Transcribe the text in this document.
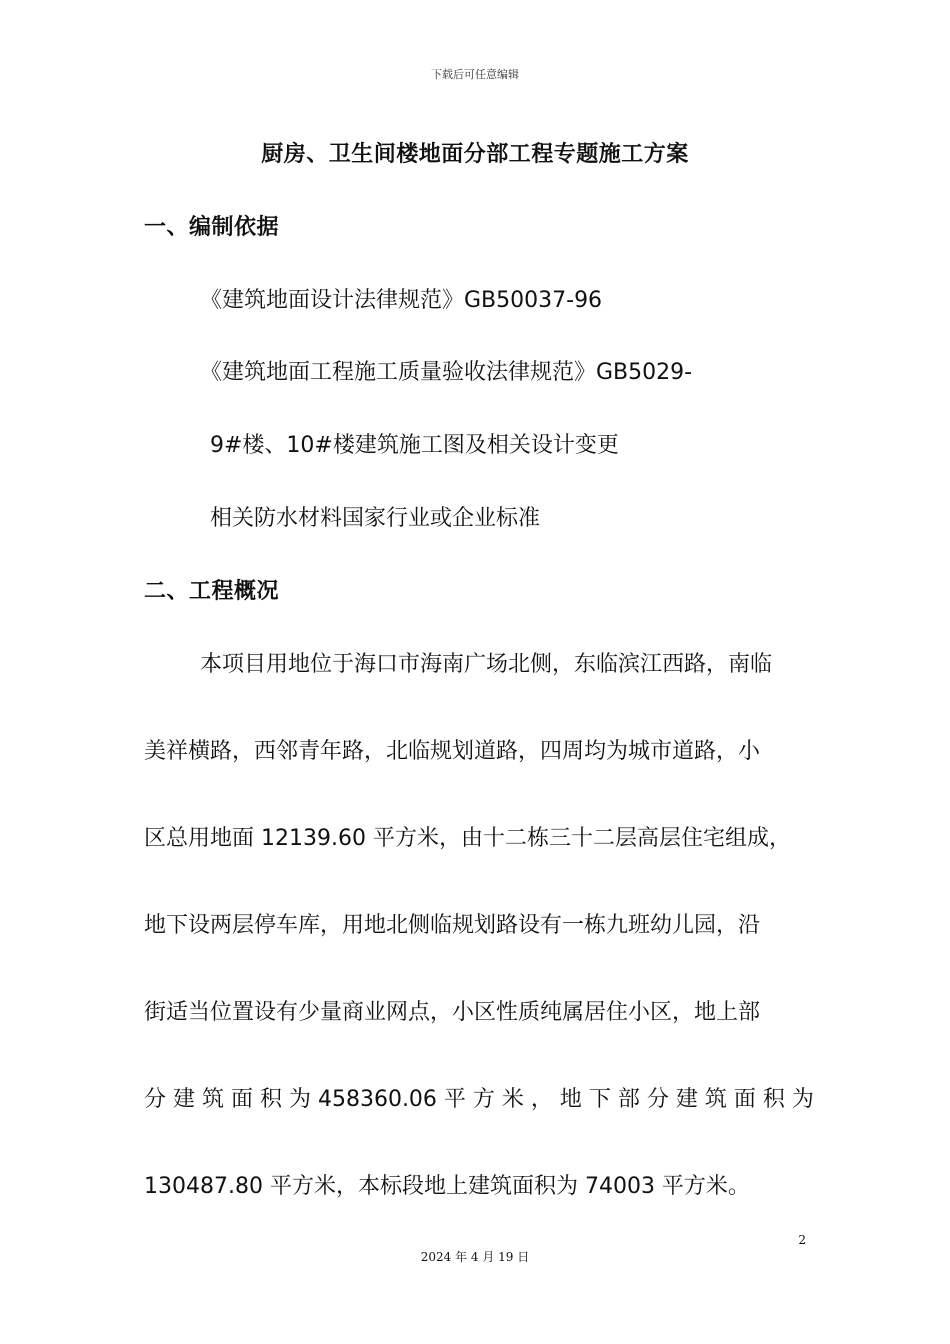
下载后可任意编辑
厨房、卫生间楼地面分部工程专题施工方案
一、编制依据
《建筑地面设计法律规范》GB50037-96
《建筑地面工程施工质量验收法律规范》GB5029-
9#楼、10#楼建筑施工图及相关设计变更
相关防水材料国家行业或企业标准
二、工程概况
本项目用地位于海口市海南广场北侧，东临滨江西路，南临
美祥横路，西邻青年路，北临规划道路，四周均为城市道路，小
区总用地面 12139.60 平方米，由十二栋三十二层高层住宅组成，
地下设两层停车库，用地北侧临规划路设有一栋九班幼儿园，沿
街适当位置设有少量商业网点，小区性质纯属居住小区，地上部
分 建 筑 面 积 为 458360.06 平 方 米 ， 地 下 部 分 建 筑 面 积 为
130487.80 平方米，本标段地上建筑面积为 74003 平方米。
2
2024 年 4 月 19 日
